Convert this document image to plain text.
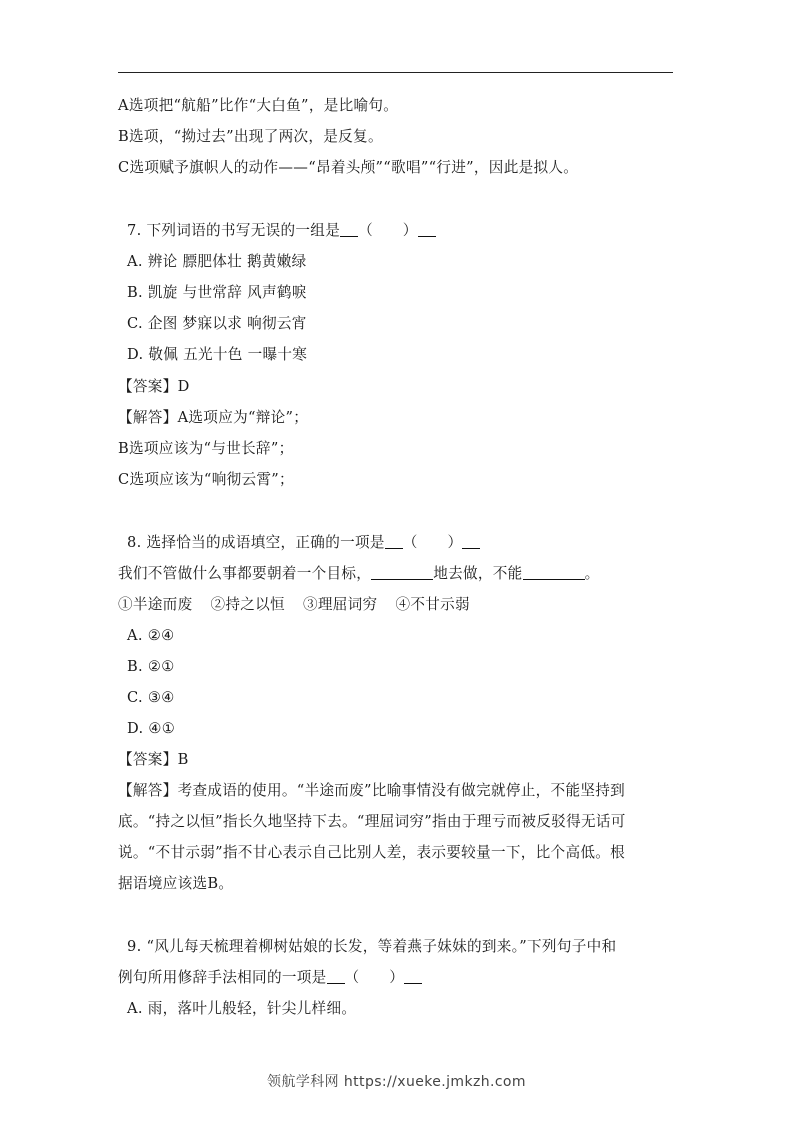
A选项把“航船”比作“大白鱼”，是比喻句。
B选项，“拗过去”出现了两次，是反复。
C选项赋予旗帜人的动作——“昂着头颅”“歌唱”“行进”，因此是拟人。
7. 下列词语的书写无误的一组是 （　　）
A. 辨论 膘肥体壮 鹅黄嫩绿
B. 凯旋 与世常辞 风声鹤唳
C. 企图 梦寐以求 响彻云宵
D. 敬佩 五光十色 一曝十寒
【答案】D
【解答】A选项应为“辩论”；
B选项应该为“与世长辞”；
C选项应该为“响彻云霄”；
8. 选择恰当的成语填空，正确的一项是 （　　）
我们不管做什么事都要朝着一个目标，	地去做，不能	。
①半途而废 ②持之以恒 ③理屈词穷 ④不甘示弱
A. ②④
B. ②①
C. ③④
D. ④①
【答案】B
【解答】考查成语的使用。“半途而废”比喻事情没有做完就停止，不能坚持到
底。“持之以恒”指长久地坚持下去。“理屈词穷”指由于理亏而被反驳得无话可
说。“不甘示弱”指不甘心表示自己比别人差，表示要较量一下，比个高低。根
据语境应该选B。
9. “风儿每天梳理着柳树姑娘的长发，等着燕子妹妹的到来。”下列句子中和
例句所用修辞手法相同的一项是 （　　）
A. 雨，落叶儿般轻，针尖儿样细。
领航学科网 https://xueke.jmkzh.com
